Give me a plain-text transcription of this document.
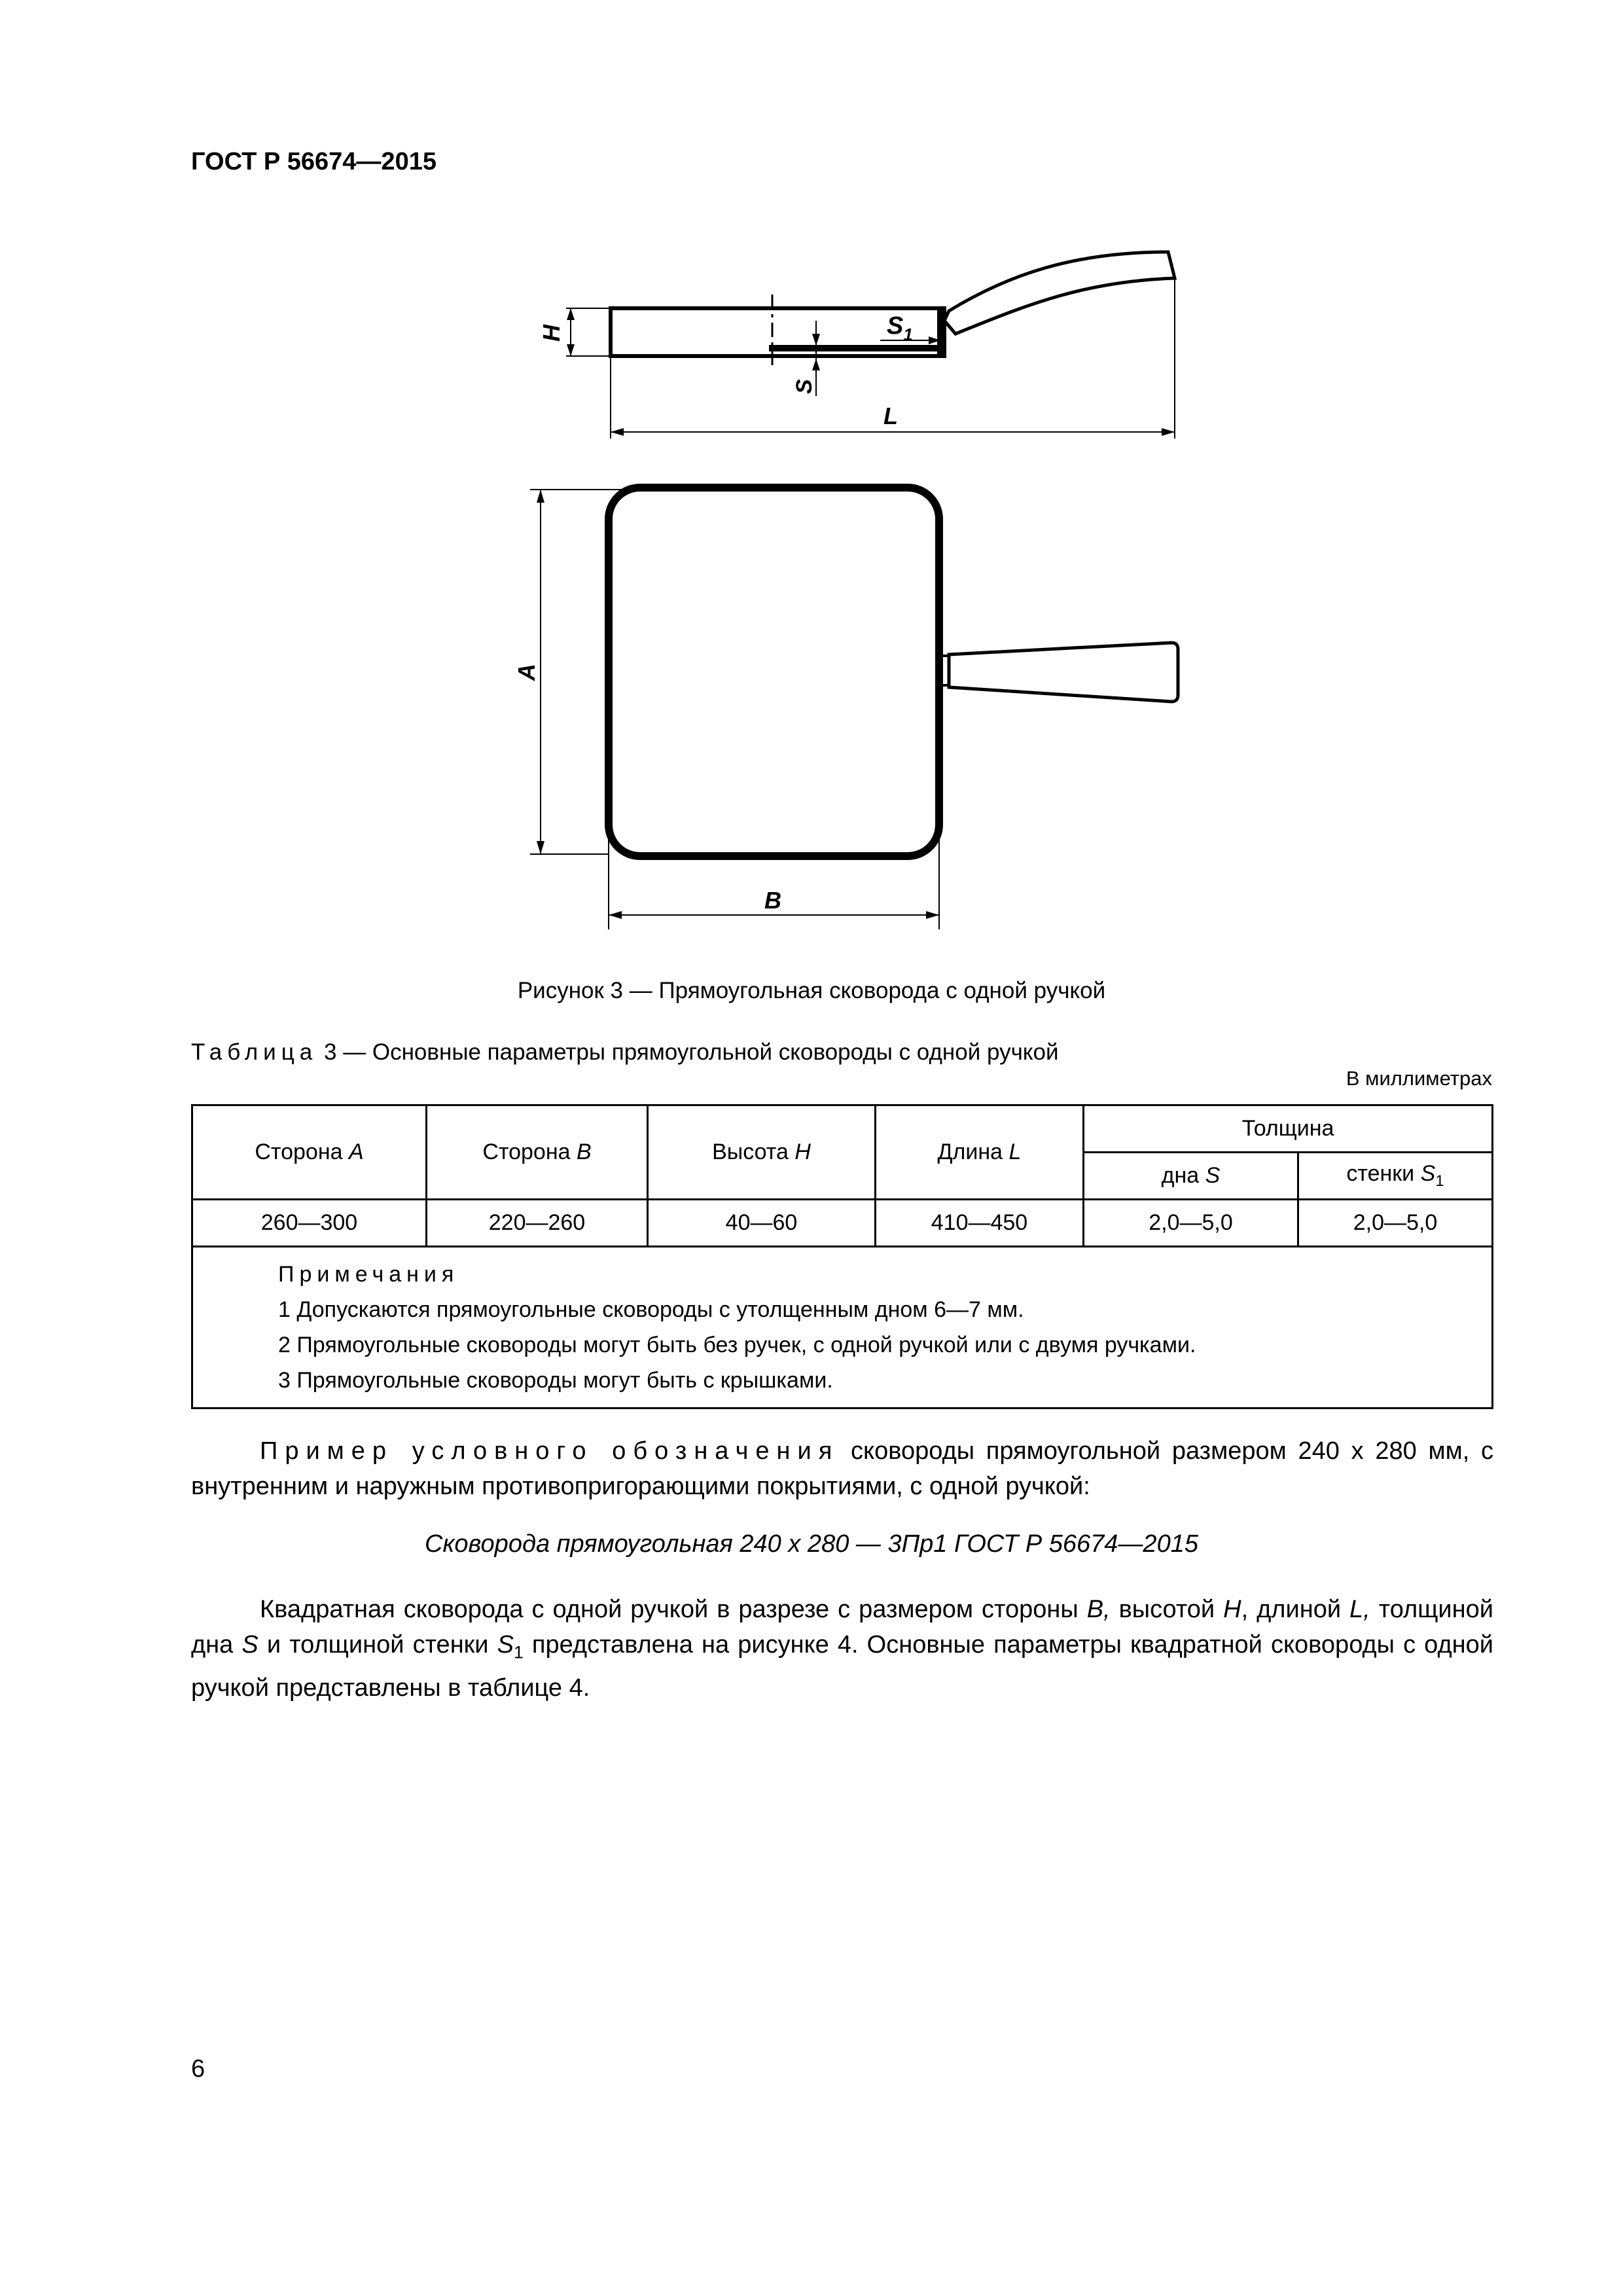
ГОСТ Р 56674—2015
H	$S_1$
S
L
A
B
Рисунок 3 — Прямоугольная сковорода с одной ручкой
Таблица 3 — Основные параметры прямоугольной сковороды с одной ручкой
В миллиметрах
Сторона A	Сторона B	Высота H	Длина L	Толщина	
				дна S	стенки $S_1$
260—300	220—260	40—60	410—450	2,0—5,0	2,0—5,0

Примечания
1 Допускаются прямоугольные сковороды с утолщенным дном 6—7 мм.
2 Прямоугольные сковороды могут быть без ручек, с одной ручкой или с двумя ручками.
3 Прямоугольные сковороды могут быть с крышками.					
Пример условного обозначения сковороды прямоугольной размером 240 х 280 мм, с внутренним и наружным противопригорающими покрытиями, с одной ручкой:
Сковорода прямоугольная 240 х 280 — 3Пр1 ГОСТ Р 56674—2015
Квадратная сковорода с одной ручкой в разрезе с размером стороны B, высотой H, длиной L, толщиной дна S и толщиной стенки $S_1$ представлена на рисунке 4. Основные параметры квадратной сковороды с одной ручкой представлены в таблице 4.
6
